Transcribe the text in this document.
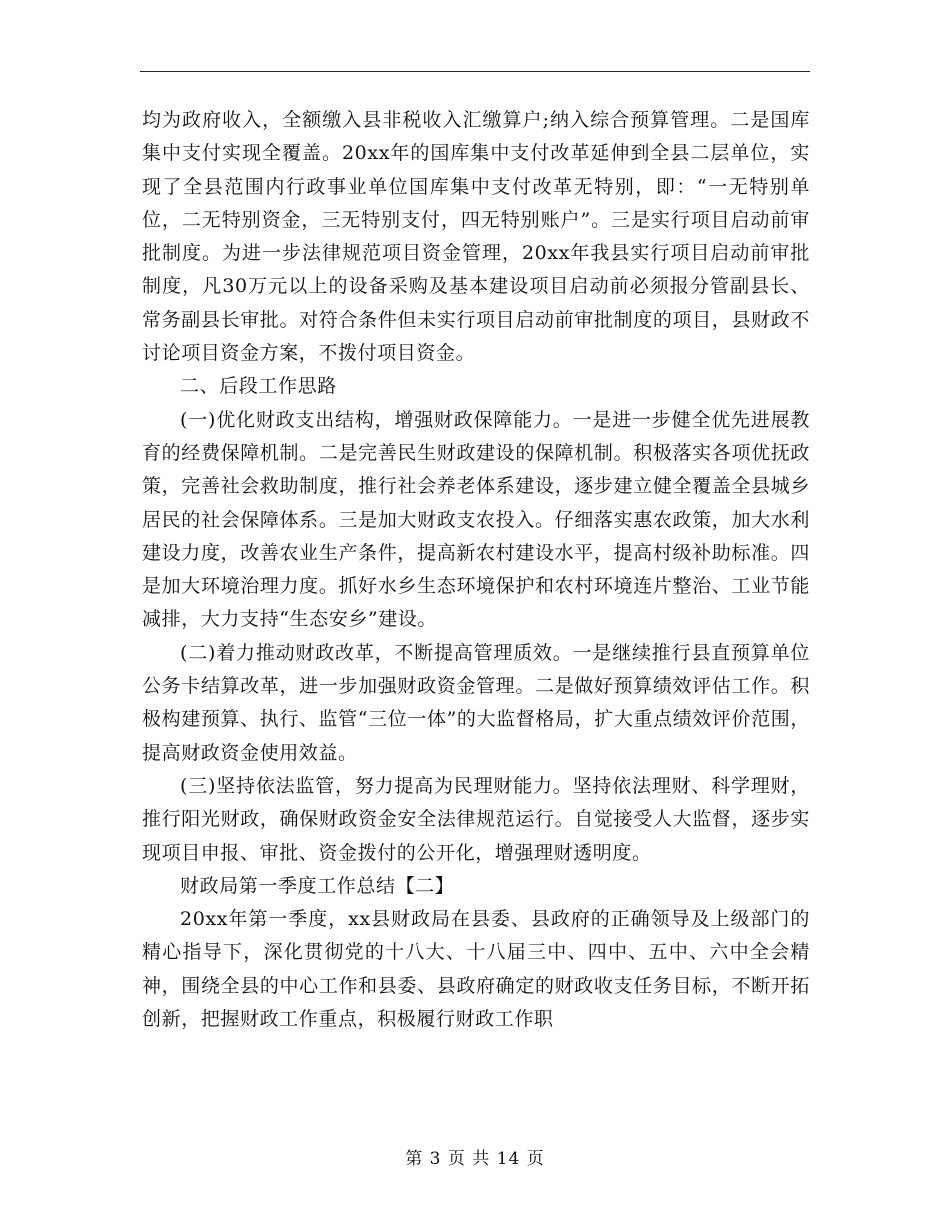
均为政府收入，全额缴入县非税收入汇缴算户;纳入综合预算管理。二是国库集中支付实现全覆盖。20xx年的国库集中支付改革延伸到全县二层单位，实现了全县范围内行政事业单位国库集中支付改革无特别，即：“一无特别单位，二无特别资金，三无特别支付，四无特别账户”。三是实行项目启动前审批制度。为进一步法律规范项目资金管理，20xx年我县实行项目启动前审批制度，凡30万元以上的设备采购及基本建设项目启动前必须报分管副县长、常务副县长审批。对符合条件但未实行项目启动前审批制度的项目，县财政不讨论项目资金方案，不拨付项目资金。

二、后段工作思路

(一)优化财政支出结构，增强财政保障能力。一是进一步健全优先进展教育的经费保障机制。二是完善民生财政建设的保障机制。积极落实各项优抚政策，完善社会救助制度，推行社会养老体系建设，逐步建立健全覆盖全县城乡居民的社会保障体系。三是加大财政支农投入。仔细落实惠农政策，加大水利建设力度，改善农业生产条件，提高新农村建设水平，提高村级补助标准。四是加大环境治理力度。抓好水乡生态环境保护和农村环境连片整治、工业节能减排，大力支持“生态安乡”建设。

(二)着力推动财政改革，不断提高管理质效。一是继续推行县直预算单位公务卡结算改革，进一步加强财政资金管理。二是做好预算绩效评估工作。积极构建预算、执行、监管“三位一体”的大监督格局，扩大重点绩效评价范围，提高财政资金使用效益。

(三)坚持依法监管，努力提高为民理财能力。坚持依法理财、科学理财，推行阳光财政，确保财政资金安全法律规范运行。自觉接受人大监督，逐步实现项目申报、审批、资金拨付的公开化，增强理财透明度。

财政局第一季度工作总结【二】

20xx年第一季度，xx县财政局在县委、县政府的正确领导及上级部门的精心指导下，深化贯彻党的十八大、十八届三中、四中、五中、六中全会精神，围绕全县的中心工作和县委、县政府确定的财政收支任务目标，不断开拓创新，把握财政工作重点，积极履行财政工作职

第 3 页 共 14 页
